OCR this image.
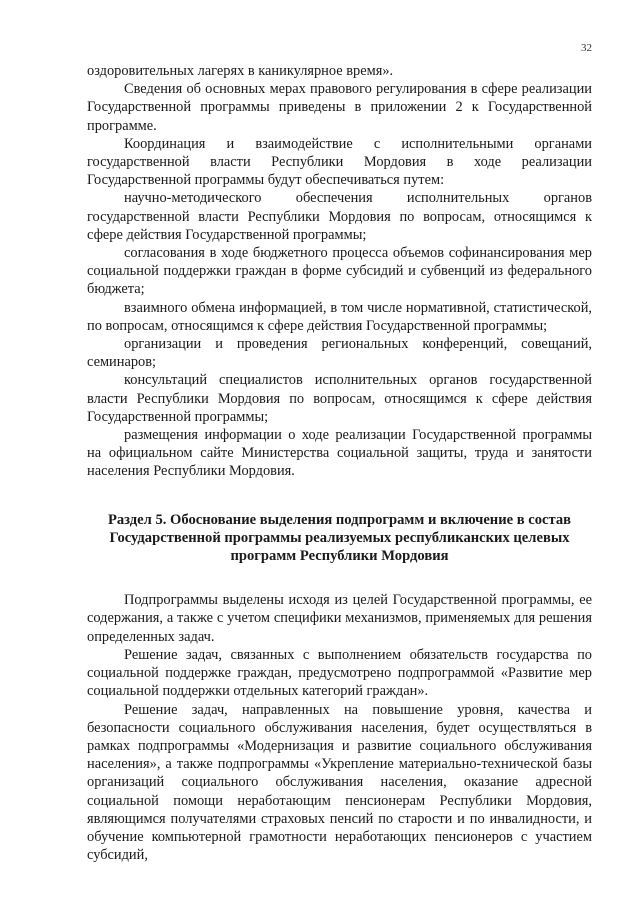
32

оздоровительных лагерях в каникулярное время».

Сведения об основных мерах правового регулирования в сфере реализации Государственной программы приведены в приложении 2 к Государственной программе.

Координация и взаимодействие с исполнительными органами государственной власти Республики Мордовия в ходе реализации Государственной программы будут обеспечиваться путем:

научно-методического обеспечения исполнительных органов государственной власти Республики Мордовия по вопросам, относящимся к сфере действия Государственной программы;

согласования в ходе бюджетного процесса объемов софинансирования мер социальной поддержки граждан в форме субсидий и субвенций из федерального бюджета;

взаимного обмена информацией, в том числе нормативной, статистической, по вопросам, относящимся к сфере действия Государственной программы;

организации и проведения региональных конференций, совещаний, семинаров;

консультаций специалистов исполнительных органов государственной власти Республики Мордовия по вопросам, относящимся к сфере действия Государственной программы;

размещения информации о ходе реализации Государственной программы на официальном сайте Министерства социальной защиты, труда и занятости населения Республики Мордовия.

Раздел 5. Обоснование выделения подпрограмм и включение в состав Государственной программы реализуемых республиканских целевых программ Республики Мордовия

Подпрограммы выделены исходя из целей Государственной программы, ее содержания, а также с учетом специфики механизмов, применяемых для решения определенных задач.

Решение задач, связанных с выполнением обязательств государства по социальной поддержке граждан, предусмотрено подпрограммой «Развитие мер социальной поддержки отдельных категорий граждан».

Решение задач, направленных на повышение уровня, качества и безопасности социального обслуживания населения, будет осуществляться в рамках подпрограммы «Модернизация и развитие социального обслуживания населения», а также подпрограммы «Укрепление материально-технической базы организаций социального обслуживания населения, оказание адресной социальной помощи неработающим пенсионерам Республики Мордовия, являющимся получателями страховых пенсий по старости и по инвалидности, и обучение компьютерной грамотности неработающих пенсионеров с участием субсидий,
